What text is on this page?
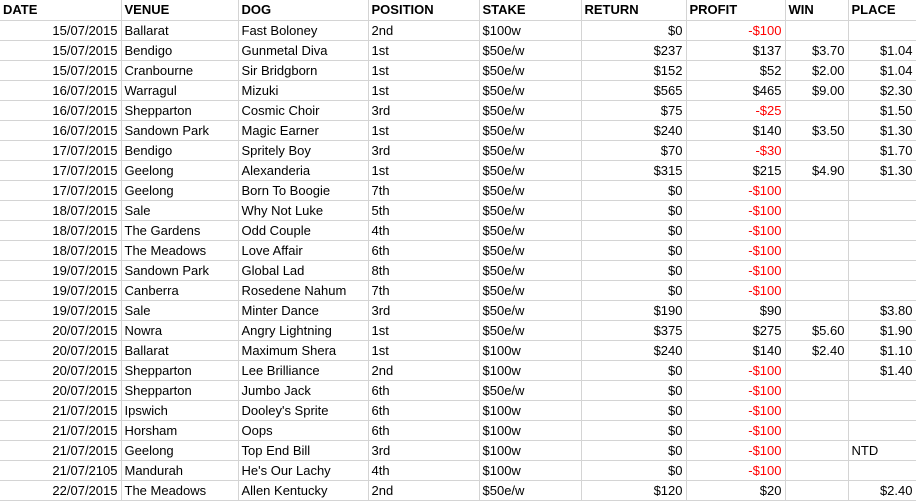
DATE	VENUE	DOG	POSITION	STAKE	RETURN	PROFIT	WIN	PLACE
15/07/2015	Ballarat	Fast Boloney	2nd	$100w	$0	-$100		
15/07/2015	Bendigo	Gunmetal Diva	1st	$50e/w	$237	$137	$3.70	$1.04
15/07/2015	Cranbourne	Sir Bridgborn	1st	$50e/w	$152	$52	$2.00	$1.04
16/07/2015	Warragul	Mizuki	1st	$50e/w	$565	$465	$9.00	$2.30
16/07/2015	Shepparton	Cosmic Choir	3rd	$50e/w	$75	-$25		$1.50
16/07/2015	Sandown Park	Magic Earner	1st	$50e/w	$240	$140	$3.50	$1.30
17/07/2015	Bendigo	Spritely Boy	3rd	$50e/w	$70	-$30		$1.70
17/07/2015	Geelong	Alexanderia	1st	$50e/w	$315	$215	$4.90	$1.30
17/07/2015	Geelong	Born To Boogie	7th	$50e/w	$0	-$100		
18/07/2015	Sale	Why Not Luke	5th	$50e/w	$0	-$100		
18/07/2015	The Gardens	Odd Couple	4th	$50e/w	$0	-$100		
18/07/2015	The Meadows	Love Affair	6th	$50e/w	$0	-$100		
19/07/2015	Sandown Park	Global Lad	8th	$50e/w	$0	-$100		
19/07/2015	Canberra	Rosedene Nahum	7th	$50e/w	$0	-$100		
19/07/2015	Sale	Minter Dance	3rd	$50e/w	$190	$90		$3.80
20/07/2015	Nowra	Angry Lightning	1st	$50e/w	$375	$275	$5.60	$1.90
20/07/2015	Ballarat	Maximum Shera	1st	$100w	$240	$140	$2.40	$1.10
20/07/2015	Shepparton	Lee Brilliance	2nd	$100w	$0	-$100		$1.40
20/07/2015	Shepparton	Jumbo Jack	6th	$50e/w	$0	-$100		
21/07/2015	Ipswich	Dooley's Sprite	6th	$100w	$0	-$100		
21/07/2015	Horsham	Oops	6th	$100w	$0	-$100		
21/07/2015	Geelong	Top End Bill	3rd	$100w	$0	-$100		NTD
21/07/2105	Mandurah	He's Our Lachy	4th	$100w	$0	-$100		
22/07/2015	The Meadows	Allen Kentucky	2nd	$50e/w	$120	$20		$2.40
